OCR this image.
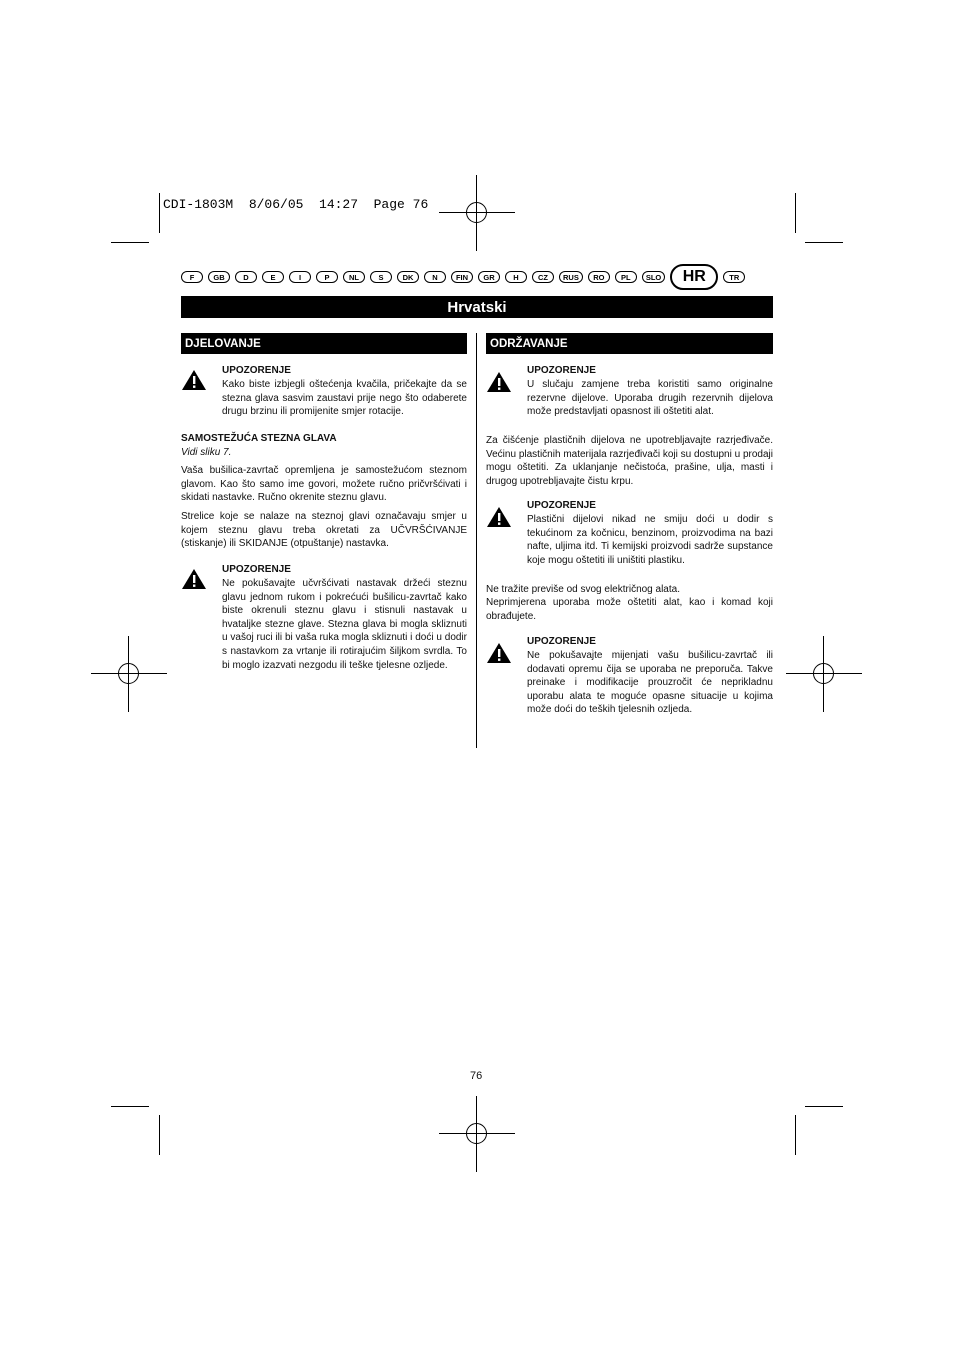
CDI-1803M  8/06/05  14:27  Page 76
F	GB	D	E	I	P	NL	S	DK	N	FIN	GR	H	CZ	RUS	RO	PL	SLO	HR	TR
Hrvatski
DJELOVANJE
UPOZORENJE
Kako biste izbjegli oštećenja kvačila, pričekajte da se stezna glava sasvim zaustavi prije nego što odaberete drugu brzinu ili promijenite smjer rotacije.
SAMOSTEŽUĆA STEZNA GLAVA
Vidi sliku 7.
Vaša bušilica-zavrtač opremljena je samostežućom steznom glavom. Kao što samo ime govori, možete ručno pričvršćivati i skidati nastavke. Ručno okrenite steznu glavu.
Strelice koje se nalaze na steznoj glavi označavaju smjer u kojem steznu glavu treba okretati za UČVRŠĆIVANJE (stiskanje) ili SKIDANJE (otpuštanje) nastavka.
UPOZORENJE
Ne pokušavajte učvršćivati nastavak držeći steznu glavu jednom rukom i pokrećući bušilicu-zavrtač kako biste okrenuli steznu glavu i stisnuli nastavak u hvataljke stezne glave. Stezna glava bi mogla skliznuti u vašoj ruci ili bi vaša ruka mogla skliznuti i doći u dodir s nastavkom za vrtanje ili rotirajućim šiljkom svrdla. To bi moglo izazvati nezgodu ili teške tjelesne ozljede.
ODRŽAVANJE
UPOZORENJE
U slučaju zamjene treba koristiti samo originalne rezervne dijelove. Uporaba drugih rezervnih dijelova može predstavljati opasnost ili oštetiti alat.
Za čišćenje plastičnih dijelova ne upotrebljavajte razrjeđivače. Većinu plastičnih materijala razrjeđivači koji su dostupni u prodaji mogu oštetiti. Za uklanjanje nečistoća, prašine, ulja, masti i drugog upotrebljavajte čistu krpu.
UPOZORENJE
Plastični dijelovi nikad ne smiju doći u dodir s tekućinom za kočnicu, benzinom, proizvodima na bazi nafte, uljima itd. Ti kemijski proizvodi sadrže supstance koje mogu oštetiti ili uništiti plastiku.
Ne tražite previše od svog električnog alata.
Neprimjerena uporaba može oštetiti alat, kao i komad koji obrađujete.
UPOZORENJE
Ne pokušavajte mijenjati vašu bušilicu-zavrtač ili dodavati opremu čija se uporaba ne preporuča. Takve preinake i modifikacije prouzročit će neprikladnu uporabu alata te moguće opasne situacije u kojima može doći do teških tjelesnih ozljeda.
76
